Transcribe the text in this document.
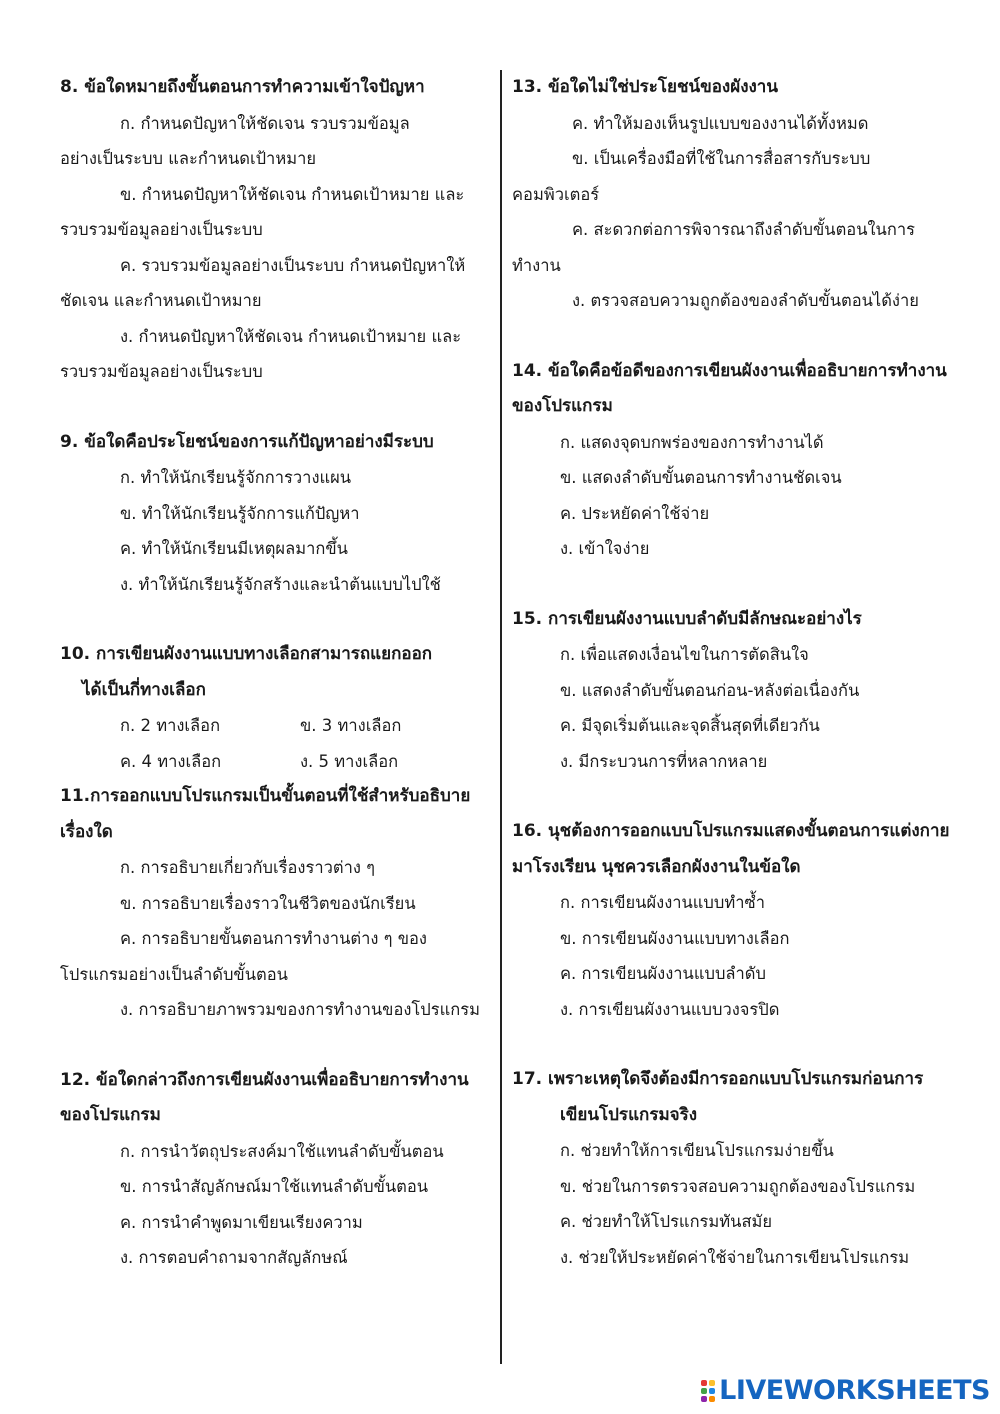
8. ข้อใดหมายถึงขั้นตอนการทำความเข้าใจปัญหา
ก. กำหนดปัญหาให้ชัดเจน รวบรวมข้อมูล
อย่างเป็นระบบ และกำหนดเป้าหมาย
ข. กำหนดปัญหาให้ชัดเจน กำหนดเป้าหมาย และ
รวบรวมข้อมูลอย่างเป็นระบบ
ค. รวบรวมข้อมูลอย่างเป็นระบบ กำหนดปัญหาให้
ชัดเจน และกำหนดเป้าหมาย
ง. กำหนดปัญหาให้ชัดเจน กำหนดเป้าหมาย และ
รวบรวมข้อมูลอย่างเป็นระบบ
9. ข้อใดคือประโยชน์ของการแก้ปัญหาอย่างมีระบบ
ก. ทำให้นักเรียนรู้จักการวางแผน
ข. ทำให้นักเรียนรู้จักการแก้ปัญหา
ค. ทำให้นักเรียนมีเหตุผลมากขึ้น
ง. ทำให้นักเรียนรู้จักสร้างและนำต้นแบบไปใช้
10. การเขียนผังงานแบบทางเลือกสามารถแยกออก
ได้เป็นกี่ทางเลือก
ก. 2 ทางเลือก	ข. 3 ทางเลือก
ค. 4 ทางเลือก	ง. 5 ทางเลือก
11.การออกแบบโปรแกรมเป็นขั้นตอนที่ใช้สำหรับอธิบาย
เรื่องใด
ก. การอธิบายเกี่ยวกับเรื่องราวต่าง ๆ
ข. การอธิบายเรื่องราวในชีวิตของนักเรียน
ค. การอธิบายขั้นตอนการทำงานต่าง ๆ ของ
โปรแกรมอย่างเป็นลำดับขั้นตอน
ง. การอธิบายภาพรวมของการทำงานของโปรแกรม
12. ข้อใดกล่าวถึงการเขียนผังงานเพื่ออธิบายการทำงาน
ของโปรแกรม
ก. การนำวัตถุประสงค์มาใช้แทนลำดับขั้นตอน
ข. การนำสัญลักษณ์มาใช้แทนลำดับขั้นตอน
ค. การนำคำพูดมาเขียนเรียงความ
ง. การตอบคำถามจากสัญลักษณ์
13. ข้อใดไม่ใช่ประโยชน์ของผังงาน
ค. ทำให้มองเห็นรูปแบบของงานได้ทั้งหมด
ข. เป็นเครื่องมือที่ใช้ในการสื่อสารกับระบบ
คอมพิวเตอร์
ค. สะดวกต่อการพิจารณาถึงลำดับขั้นตอนในการ
ทำงาน
ง. ตรวจสอบความถูกต้องของลำดับขั้นตอนได้ง่าย
14. ข้อใดคือข้อดีของการเขียนผังงานเพื่ออธิบายการทำงาน
ของโปรแกรม
ก. แสดงจุดบกพร่องของการทำงานได้
ข. แสดงลำดับขั้นตอนการทำงานชัดเจน
ค. ประหยัดค่าใช้จ่าย
ง. เข้าใจง่าย
15. การเขียนผังงานแบบลำดับมีลักษณะอย่างไร
ก. เพื่อแสดงเงื่อนไขในการตัดสินใจ
ข. แสดงลำดับขั้นตอนก่อน-หลังต่อเนื่องกัน
ค. มีจุดเริ่มต้นและจุดสิ้นสุดที่เดียวกัน
ง. มีกระบวนการที่หลากหลาย
16. นุชต้องการออกแบบโปรแกรมแสดงขั้นตอนการแต่งกาย
มาโรงเรียน นุชควรเลือกผังงานในข้อใด
ก. การเขียนผังงานแบบทำซ้ำ
ข. การเขียนผังงานแบบทางเลือก
ค. การเขียนผังงานแบบลำดับ
ง. การเขียนผังงานแบบวงจรปิด
17. เพราะเหตุใดจึงต้องมีการออกแบบโปรแกรมก่อนการ
เขียนโปรแกรมจริง
ก. ช่วยทำให้การเขียนโปรแกรมง่ายขึ้น
ข. ช่วยในการตรวจสอบความถูกต้องของโปรแกรม
ค. ช่วยทำให้โปรแกรมทันสมัย
ง. ช่วยให้ประหยัดค่าใช้จ่ายในการเขียนโปรแกรม
LIVEWORKSHEETS
